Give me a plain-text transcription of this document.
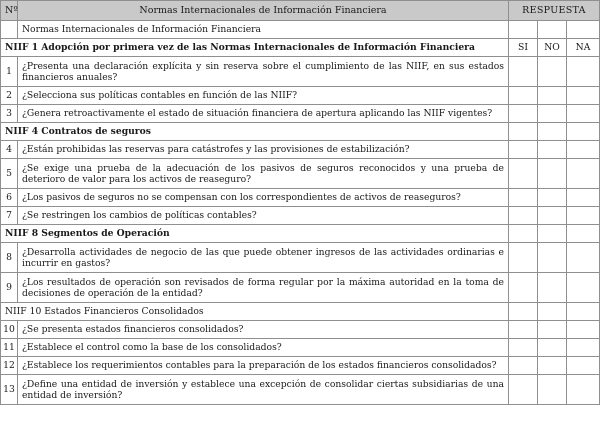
Nº	Normas Internacionales de Información Financiera	RESPUESTA		
	Normas Internacionales de Información Financiera			
NIIF 1 Adopción por primera vez de las Normas Internacionales de Información Financiera		SI	NO	NA
1	¿Presenta una declaración explícita y sin reserva sobre el cumplimiento de las NIIF, en sus estados financieros anuales?			
2	¿Selecciona sus políticas contables en función de las NIIF?			
3	¿Genera retroactivamente el estado de situación financiera de apertura aplicando las NIIF vigentes?			
NIIF 4 Contratos de seguros				
4	¿Están prohibidas las reservas para catástrofes y las provisiones de estabilización?			
5	¿Se exige una prueba de la adecuación de los pasivos de seguros reconocidos y una prueba de deterioro de valor para los activos de reaseguro?			
6	¿Los pasivos de seguros no se compensan con los correspondientes de activos de reaseguros?			
7	¿Se restringen los cambios de políticas contables?			
NIIF 8 Segmentos de Operación				
8	¿Desarrolla actividades de negocio de las que puede obtener ingresos de las actividades ordinarias e incurrir en gastos?			
9	¿Los resultados de operación son revisados de forma regular por la máxima autoridad en la toma de decisiones de operación de la entidad?			
NIIF 10 Estados Financieros Consolidados				
10	¿Se presenta estados financieros consolidados?			
11	¿Establece el control como la base de los consolidados?			
12	¿Establece los requerimientos contables para la preparación de los estados financieros consolidados?			
13	¿Define una entidad de inversión y establece una excepción de consolidar ciertas subsidiarias de una entidad de inversión?			
